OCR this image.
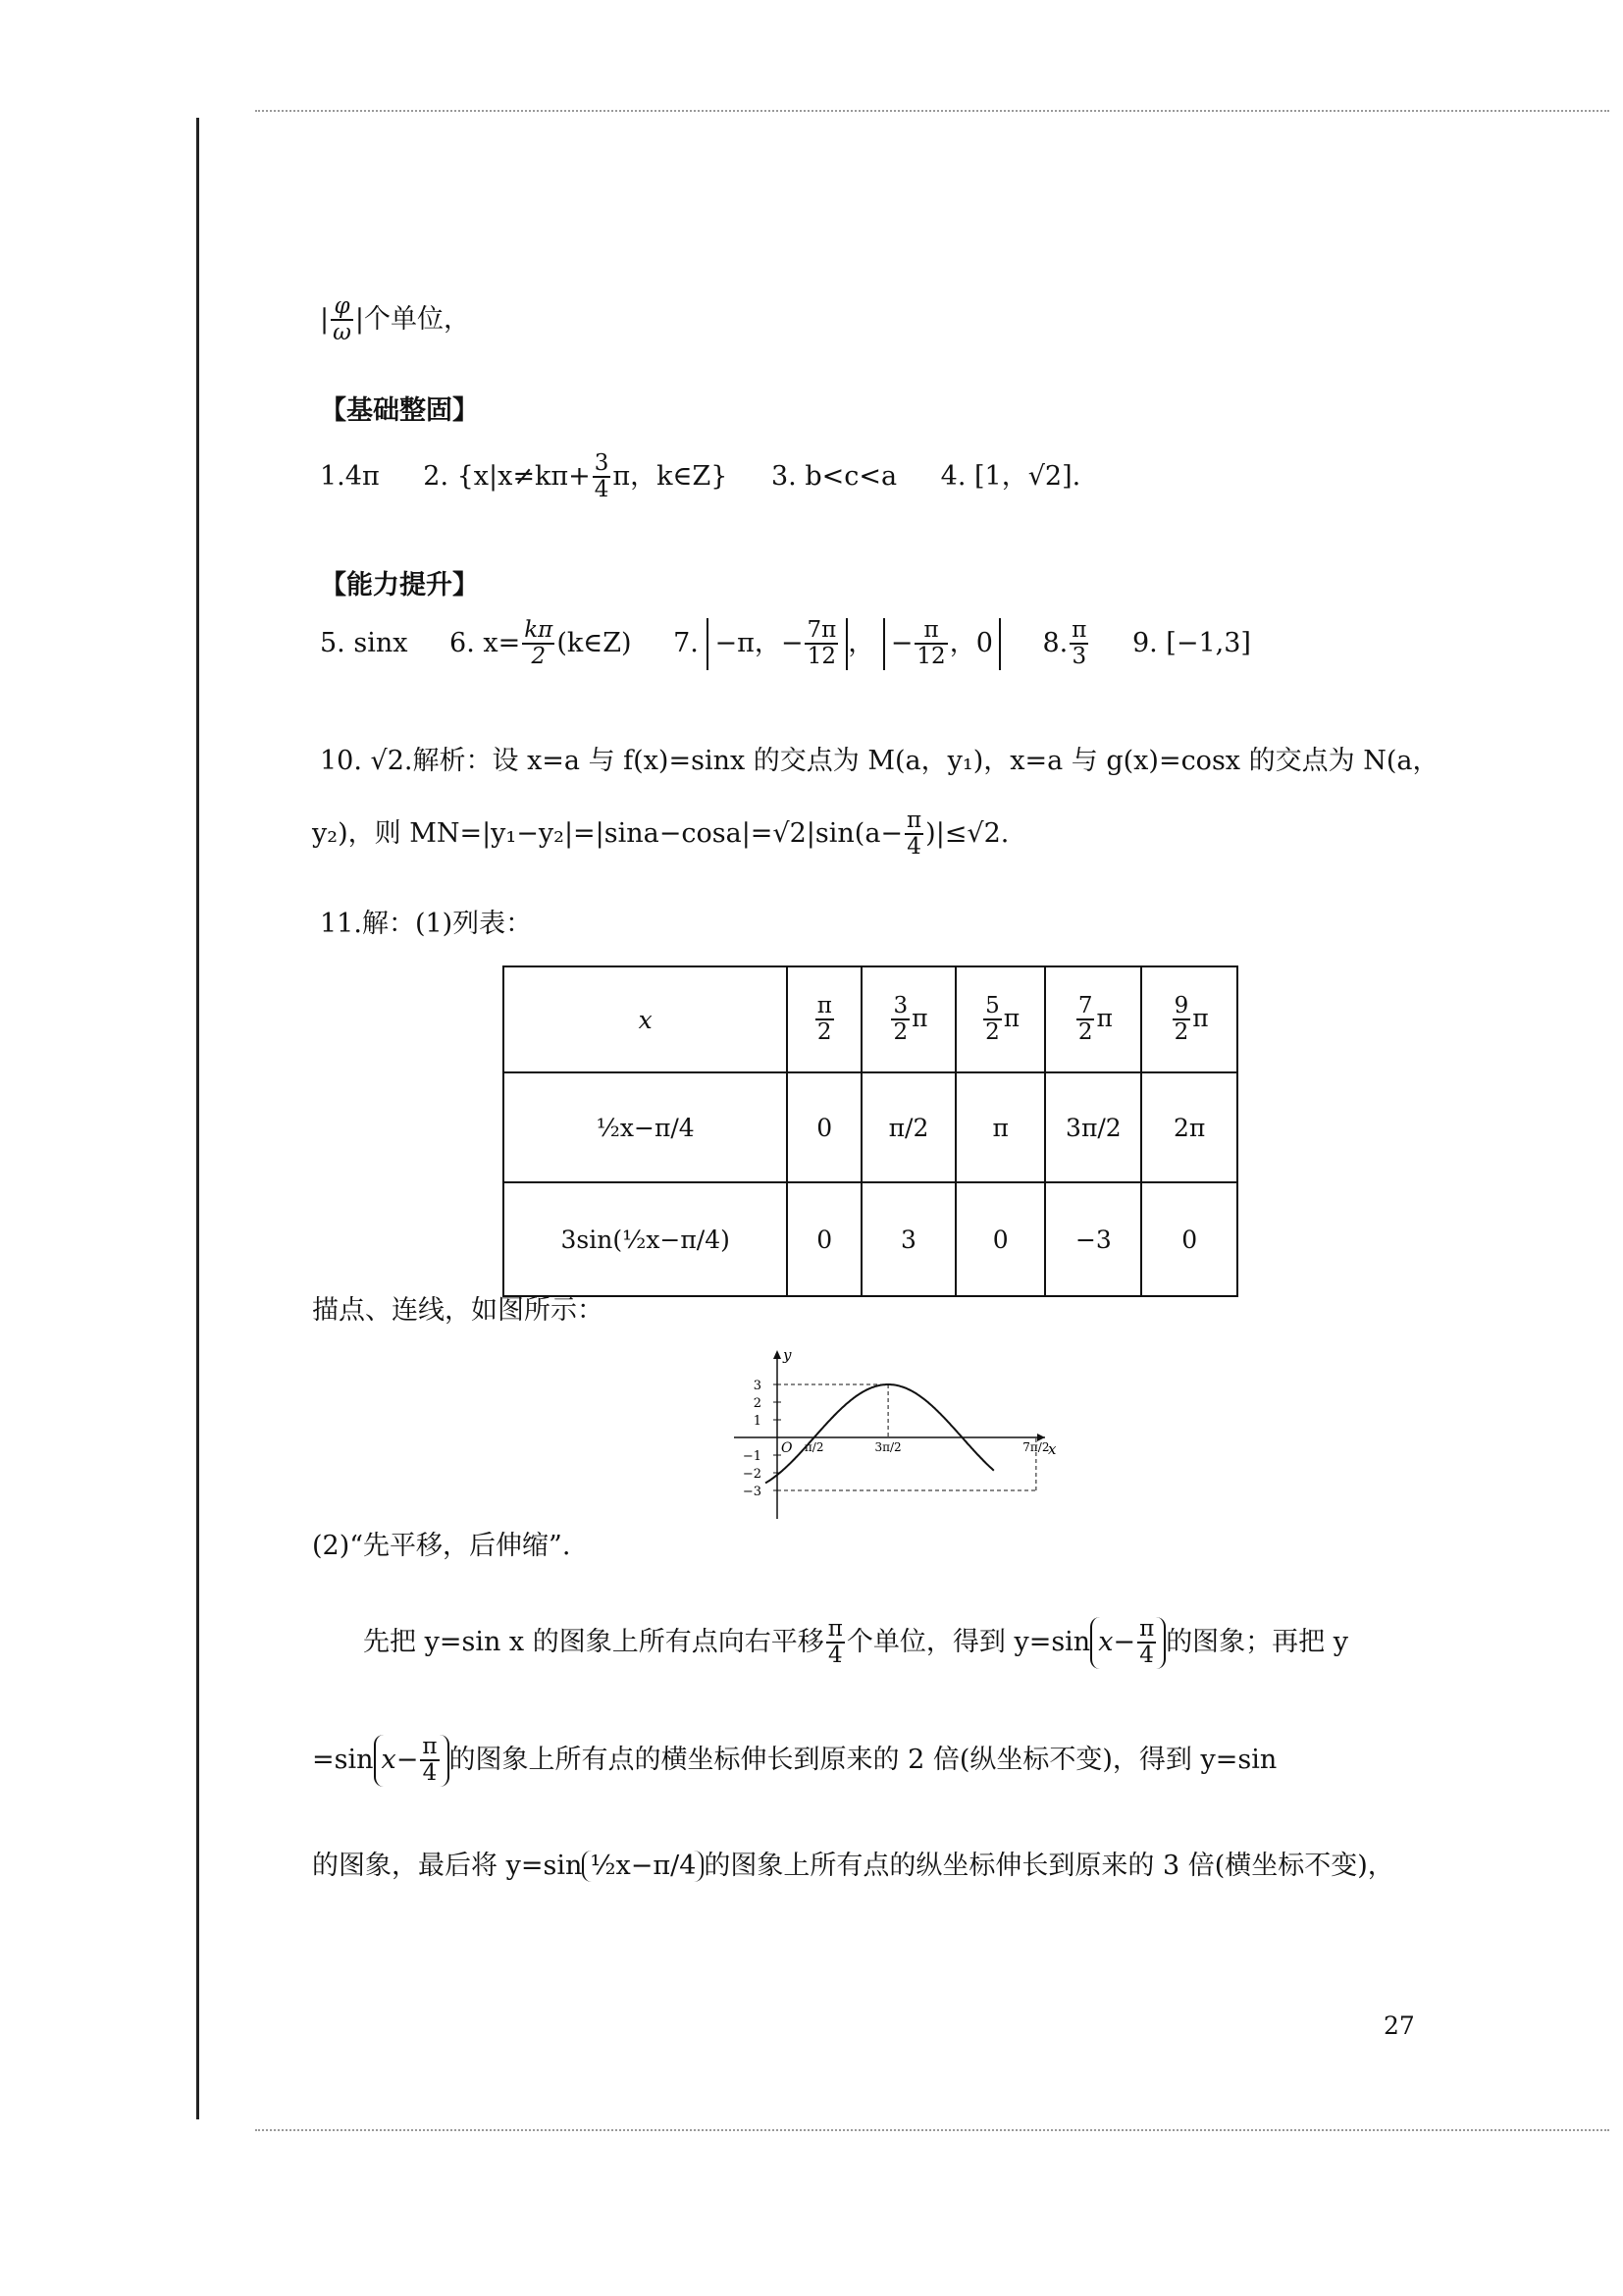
| $\frac{\varphi}{\omega}$ |个单位，
【基础整固】
1.4π 2. {$x|x\ne k\pi+ \frac{3}{4}$ π，k∈Z} 3. b<c<a 4. [1，√2].
【能力提升】
5. sinx 6. $x= \frac{k\pi}{2}$ (k∈Z) 7. −π，− $\frac{7\pi}{12}$ ， − $\frac{\pi}{12}$ ，0 8. $\frac{\pi}{3} 9$. [−1,3]
10. √2.解析：设 x=a 与 f(x)=sinx 的交点为 M(a，y₁)，x=a 与 g(x)=cosx 的交点为 N(a，
y₂)，则 $MN=|y_1-y_2|=|\sin a-\cos a|=√2|\sin(a- \frac{\pi}{4} )|\le√2$.
11.解：(1)列表：
x	$\frac{\pi}{2}$	$\frac{3}{2}$ π	$\frac{5}{2}$ π	$\frac{7}{2}$ π	$\frac{9}{2}$ π
½x−π/4	0	π/2	π	3π/2	2π
3sin(½x−π/4)	0	3	0	−3	0
描点、连线，如图所示：
x
y
O
3
2
1
−1
−2
−3
π/2	3π/2	7π/2
(2)“先平移，后伸缩”.
先把 y=sin x 的图象上所有点向右平移 $\frac{\pi}{4}$ 个单位，得到 y=sin $x- \frac{\pi}{4}$ 的图象；再把 y
=sin $x- \frac{\pi}{4}$ 的图象上所有点的横坐标伸长到原来的 2 倍(纵坐标不变)，得到 y=sin
的图象，最后将 y=sin ½x−π/4 的图象上所有点的纵坐标伸长到原来的 3 倍(横坐标不变)，
27
